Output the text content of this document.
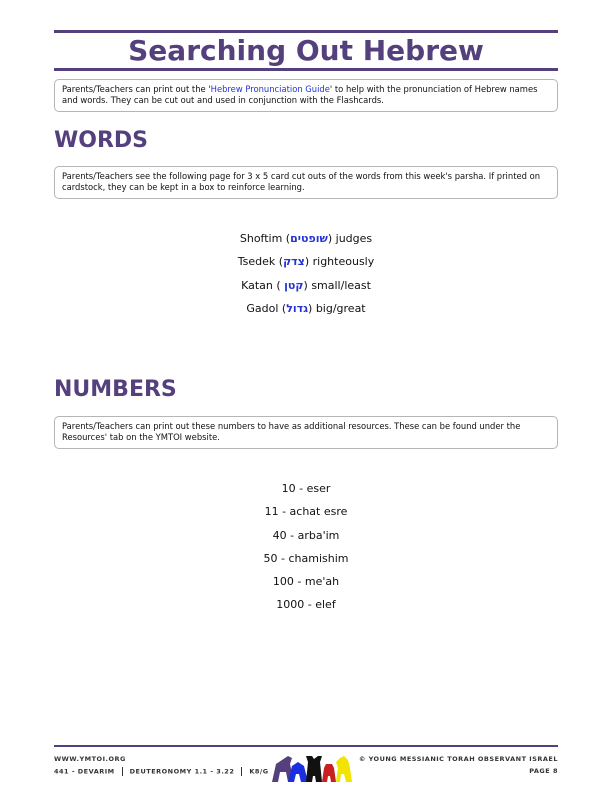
Searching Out Hebrew
Parents/Teachers can print out the 'Hebrew Pronunciation Guide' to help with the pronunciation of Hebrew names and words. They can be cut out and used in conjunction with the Flashcards.
WORDS
Parents/Teachers see the following page for 3 x 5 card cut outs of the words from this week's parsha. If printed on cardstock, they can be kept in a box to reinforce learning.
Shoftim (שופטים) judges
Tsedek (צדק) righteously
Katan ( קטן) small/least
Gadol (גדול) big/great
NUMBERS
Parents/Teachers can print out these numbers to have as additional resources. These can be found under the Resources' tab on the YMTOI website.
10 - eser
11 - achat esre
40 - arba'im
50 - chamishim
100 - me'ah
1000 - elef
WWW.YMTOI.ORG
441 - DEVARIM DEUTERONOMY 1.1 - 3.22 K8/G
© YOUNG MESSIANIC TORAH OBSERVANT ISRAEL
PAGE 8
